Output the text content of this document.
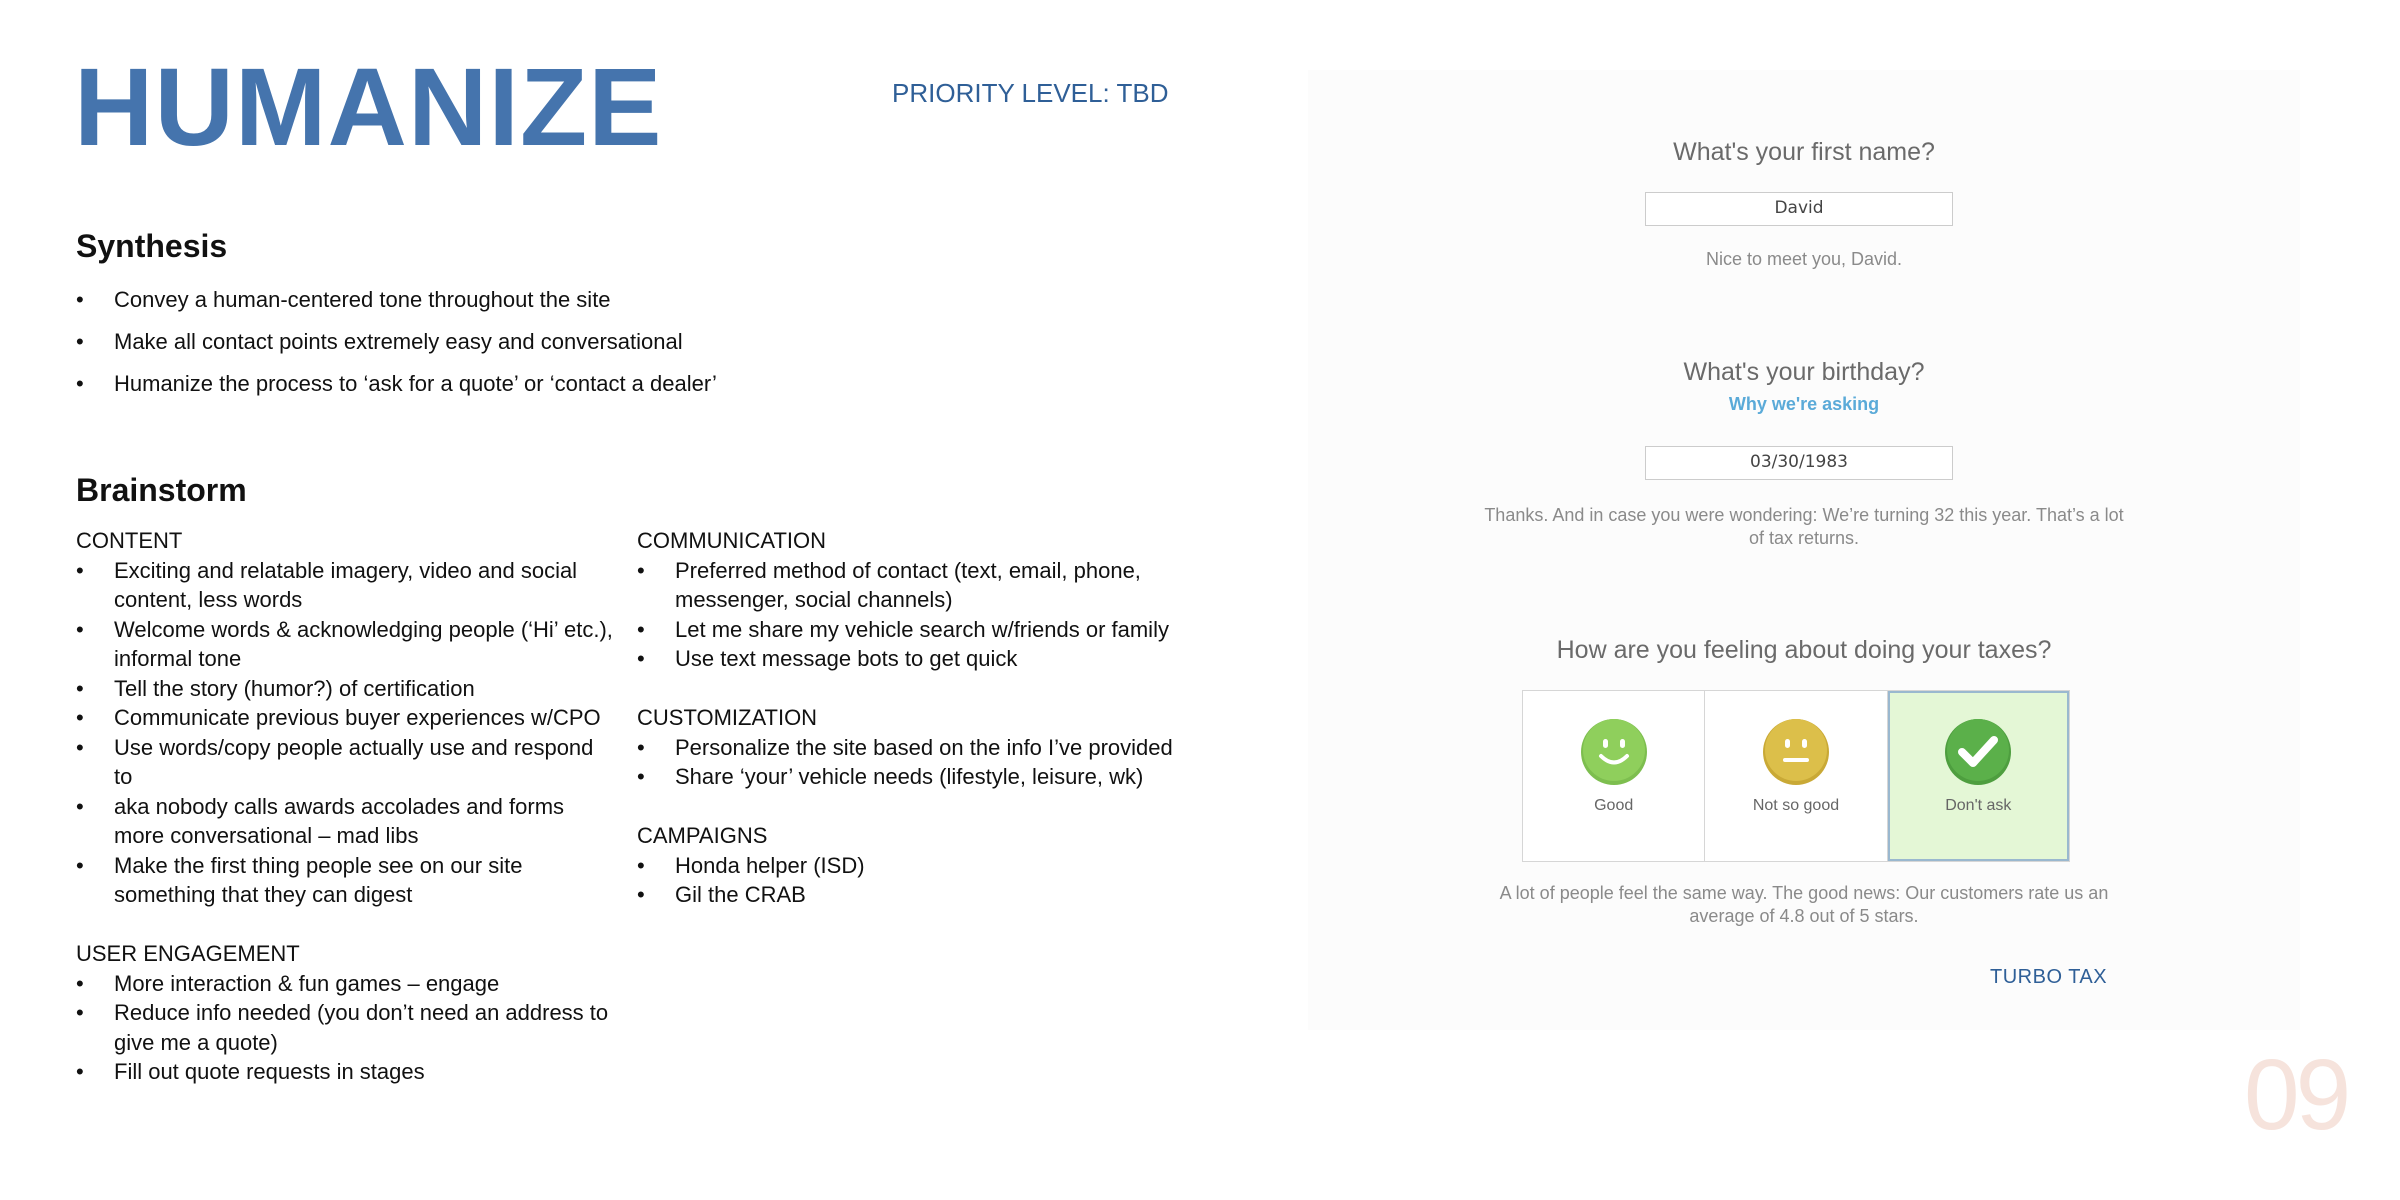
HUMANIZE	PRIORITY LEVEL: TBD
Synthesis
• Convey a human-centered tone throughout the site
• Make all contact points extremely easy and conversational
• Humanize the process to ‘ask for a quote’ or ‘contact a dealer’
Brainstorm
CONTENT
• Exciting and relatable imagery, video and social content, less words
• Welcome words & acknowledging people (‘Hi’ etc.), informal tone
• Tell the story (humor?) of certification
• Communicate previous buyer experiences w/CPO
• Use words/copy people actually use and respond to
• aka nobody calls awards accolades and forms more conversational – mad libs
• Make the first thing people see on our site something that they can digest
USER ENGAGEMENT
• More interaction & fun games – engage
• Reduce info needed (you don’t need an address to give me a quote)
• Fill out quote requests in stages
COMMUNICATION
• Preferred method of contact (text, email, phone, messenger, social channels)
• Let me share my vehicle search w/friends or family
• Use text message bots to get quick
CUSTOMIZATION
• Personalize the site based on the info I’ve provided
• Share ‘your’ vehicle needs (lifestyle, leisure, wk)
CAMPAIGNS
• Honda helper (ISD)
• Gil the CRAB
What's your first name?
David
Nice to meet you, David.
What's your birthday?
Why we're asking
03/30/1983
Thanks. And in case you were wondering: We’re turning 32 this year. That’s a lot of tax returns.
How are you feeling about doing your taxes?
Good	Not so good	Don't ask
A lot of people feel the same way. The good news: Our customers rate us an average of 4.8 out of 5 stars.
TURBO TAX
09
